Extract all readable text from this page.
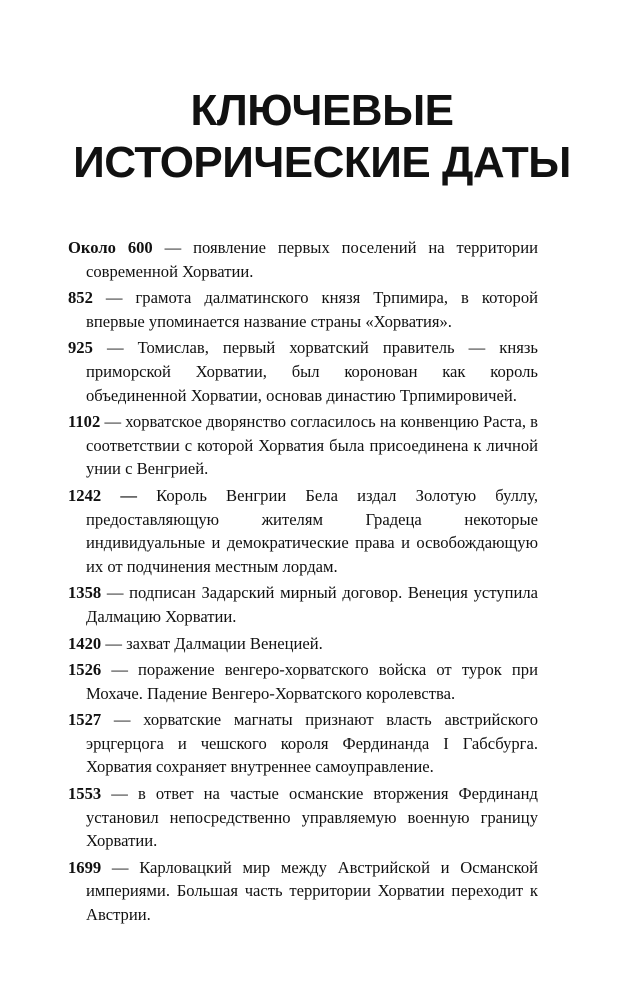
КЛЮЧЕВЫЕ
ИСТОРИЧЕСКИЕ ДАТЫ
Около 600 — появление первых поселений на территории современной Хорватии.
852 — грамота далматинского князя Трпимира, в которой впервые упоминается название страны «Хорватия».
925 — Томислав, первый хорватский правитель — князь приморской Хорватии, был коронован как король объединенной Хорватии, основав династию Трпимировичей.
1102 — хорватское дворянство согласилось на конвенцию Раста, в соответствии с которой Хорватия была присоединена к личной унии с Венгрией.
1242 — Король Венгрии Бела издал Золотую буллу, предоставляющую жителям Градеца некоторые индивидуальные и демократические права и освобождающую их от подчинения местным лордам.
1358 — подписан Задарский мирный договор. Венеция уступила Далмацию Хорватии.
1420 — захват Далмации Венецией.
1526 — поражение венгеро-хорватского войска от турок при Мохаче. Падение Венгеро-Хорватского королевства.
1527 — хорватские магнаты признают власть австрийского эрцгерцога и чешского короля Фердинанда I Габсбурга. Хорватия сохраняет внутреннее самоуправление.
1553 — в ответ на частые османские вторжения Фердинанд установил непосредственно управляемую военную границу Хорватии.
1699 — Карловацкий мир между Австрийской и Османской империями. Большая часть территории Хорватии переходит к Австрии.
